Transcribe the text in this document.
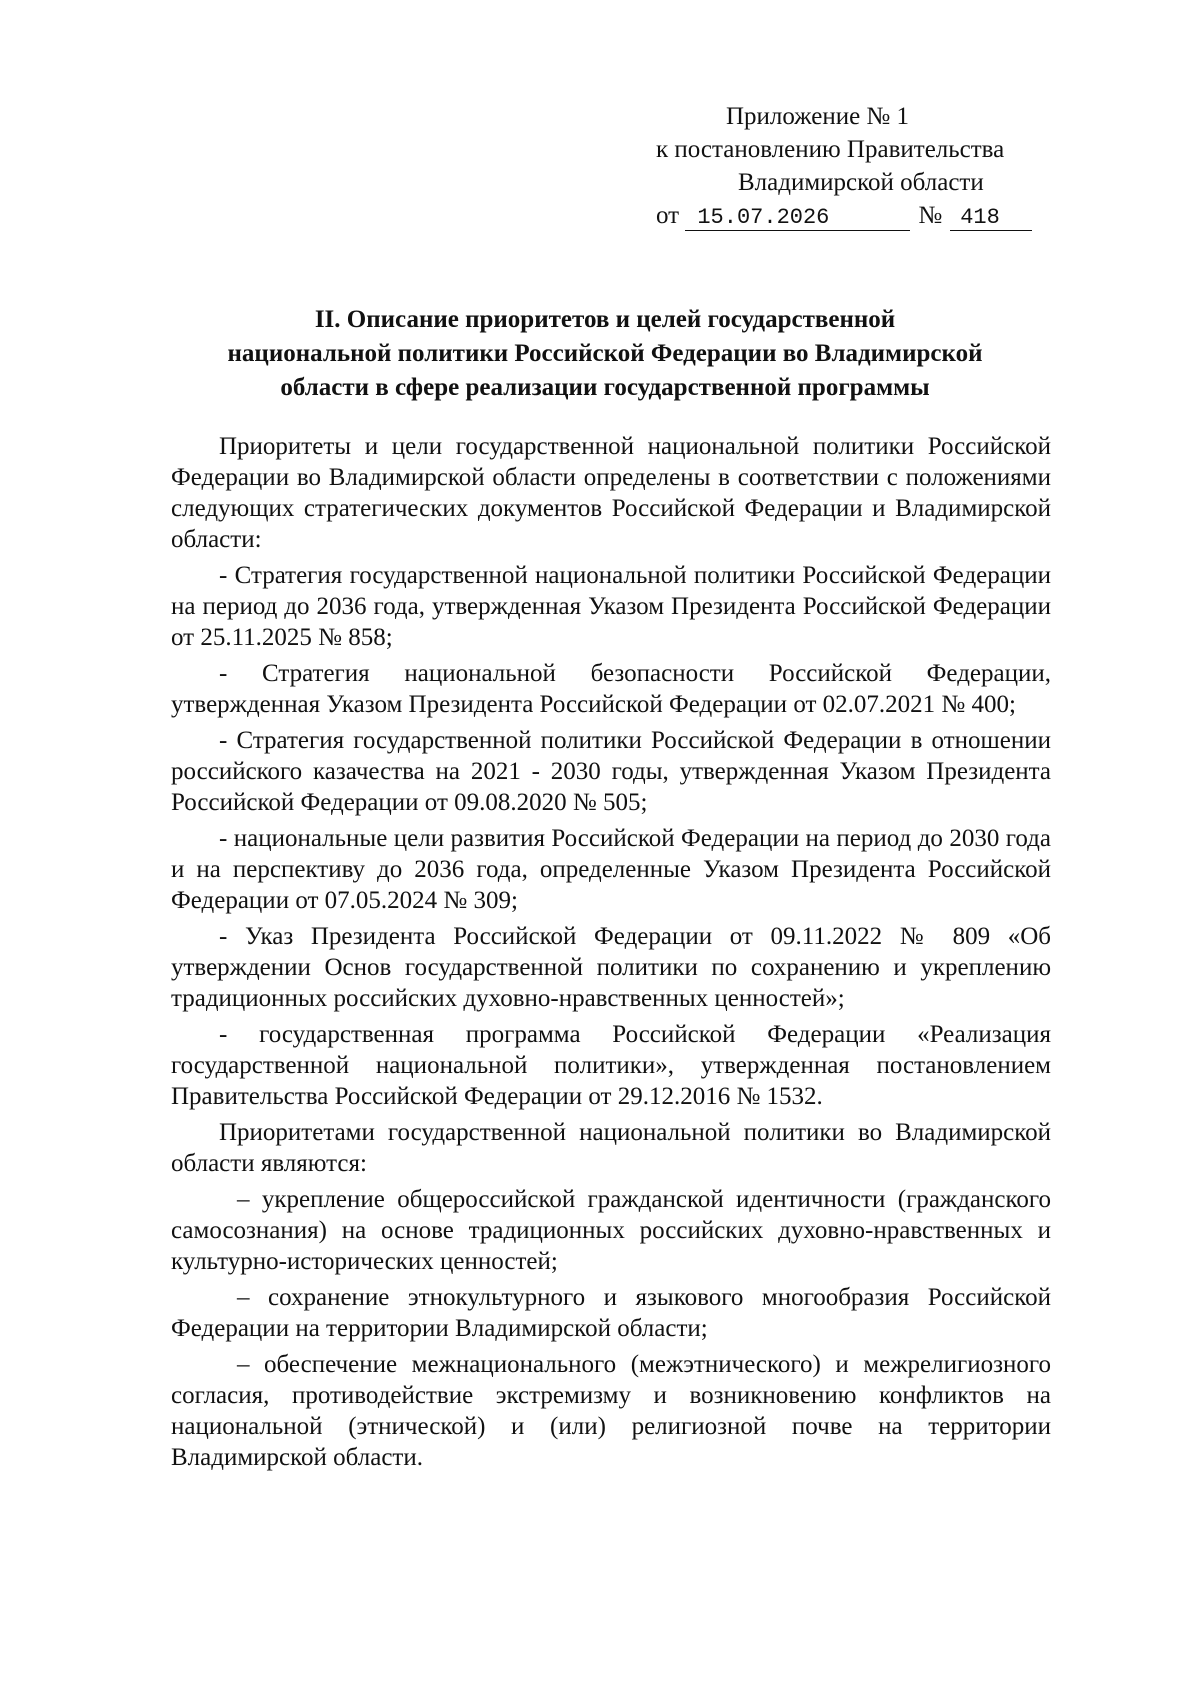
Приложение № 1
к постановлению Правительства
Владимирской области
от 15.07.2026	№ 418
II. Описание приоритетов и целей государственной
национальной политики Российской Федерации во Владимирской
области в сфере реализации государственной программы

Приоритеты и цели государственной национальной политики Российской Федерации во Владимирской области определены в соответствии с положениями следующих стратегических документов Российской Федерации и Владимирской области:

- Стратегия государственной национальной политики Российской Федерации на период до 2036 года, утвержденная Указом Президента Российской Федерации от 25.11.2025 № 858;

- Стратегия национальной безопасности Российской Федерации, утвержденная Указом Президента Российской Федерации от 02.07.2021 № 400;

- Стратегия государственной политики Российской Федерации в отношении российского казачества на 2021 - 2030 годы, утвержденная Указом Президента Российской Федерации от 09.08.2020 № 505;

- национальные цели развития Российской Федерации на период до 2030 года и на перспективу до 2036 года, определенные Указом Президента Российской Федерации от 07.05.2024 № 309;

- Указ Президента Российской Федерации от 09.11.2022 № 809 «Об утверждении Основ государственной политики по сохранению и укреплению традиционных российских духовно-нравственных ценностей»;

- государственная программа Российской Федерации «Реализация государственной национальной политики», утвержденная постановлением Правительства Российской Федерации от 29.12.2016 № 1532.

Приоритетами государственной национальной политики во Владимирской области являются:

– укрепление общероссийской гражданской идентичности (гражданского самосознания) на основе традиционных российских духовно-нравственных и культурно-исторических ценностей;

– сохранение этнокультурного и языкового многообразия Российской Федерации на территории Владимирской области;

– обеспечение межнационального (межэтнического) и межрелигиозного согласия, противодействие экстремизму и возникновению конфликтов на национальной (этнической) и (или) религиозной почве на территории Владимирской области.
